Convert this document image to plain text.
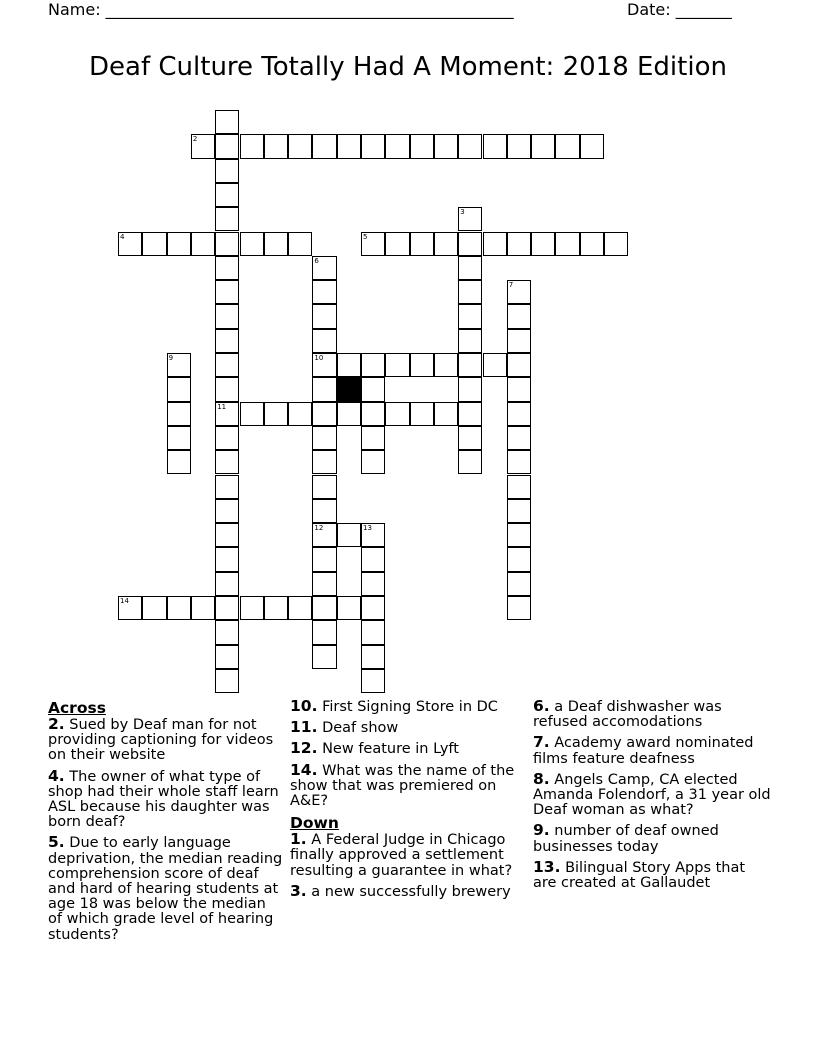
Name: ___________________________________________________	Date: _______
Deaf Culture Totally Had A Moment: 2018 Edition
11
2
4	5
3
6
10
12
7
9
13
14
Across
2. Sued by Deaf man for not providing captioning for videos on their website
4. The owner of what type of shop had their whole staff learn ASL because his daughter was born deaf?
5. Due to early language deprivation, the median reading comprehension score of deaf and hard of hearing students at age 18 was below the median of which grade level of hearing students?
10. First Signing Store in DC
11. Deaf show
12. New feature in Lyft
14. What was the name of the show that was premiered on A&E?
Down
1. A Federal Judge in Chicago finally approved a settlement resulting a guarantee in what?
3. a new successfully brewery
6. a Deaf dishwasher was refused accomodations
7. Academy award nominated films feature deafness
8. Angels Camp, CA elected Amanda Folendorf, a 31 year old Deaf woman as what?
9. number of deaf owned businesses today
13. Bilingual Story Apps that are created at Gallaudet
